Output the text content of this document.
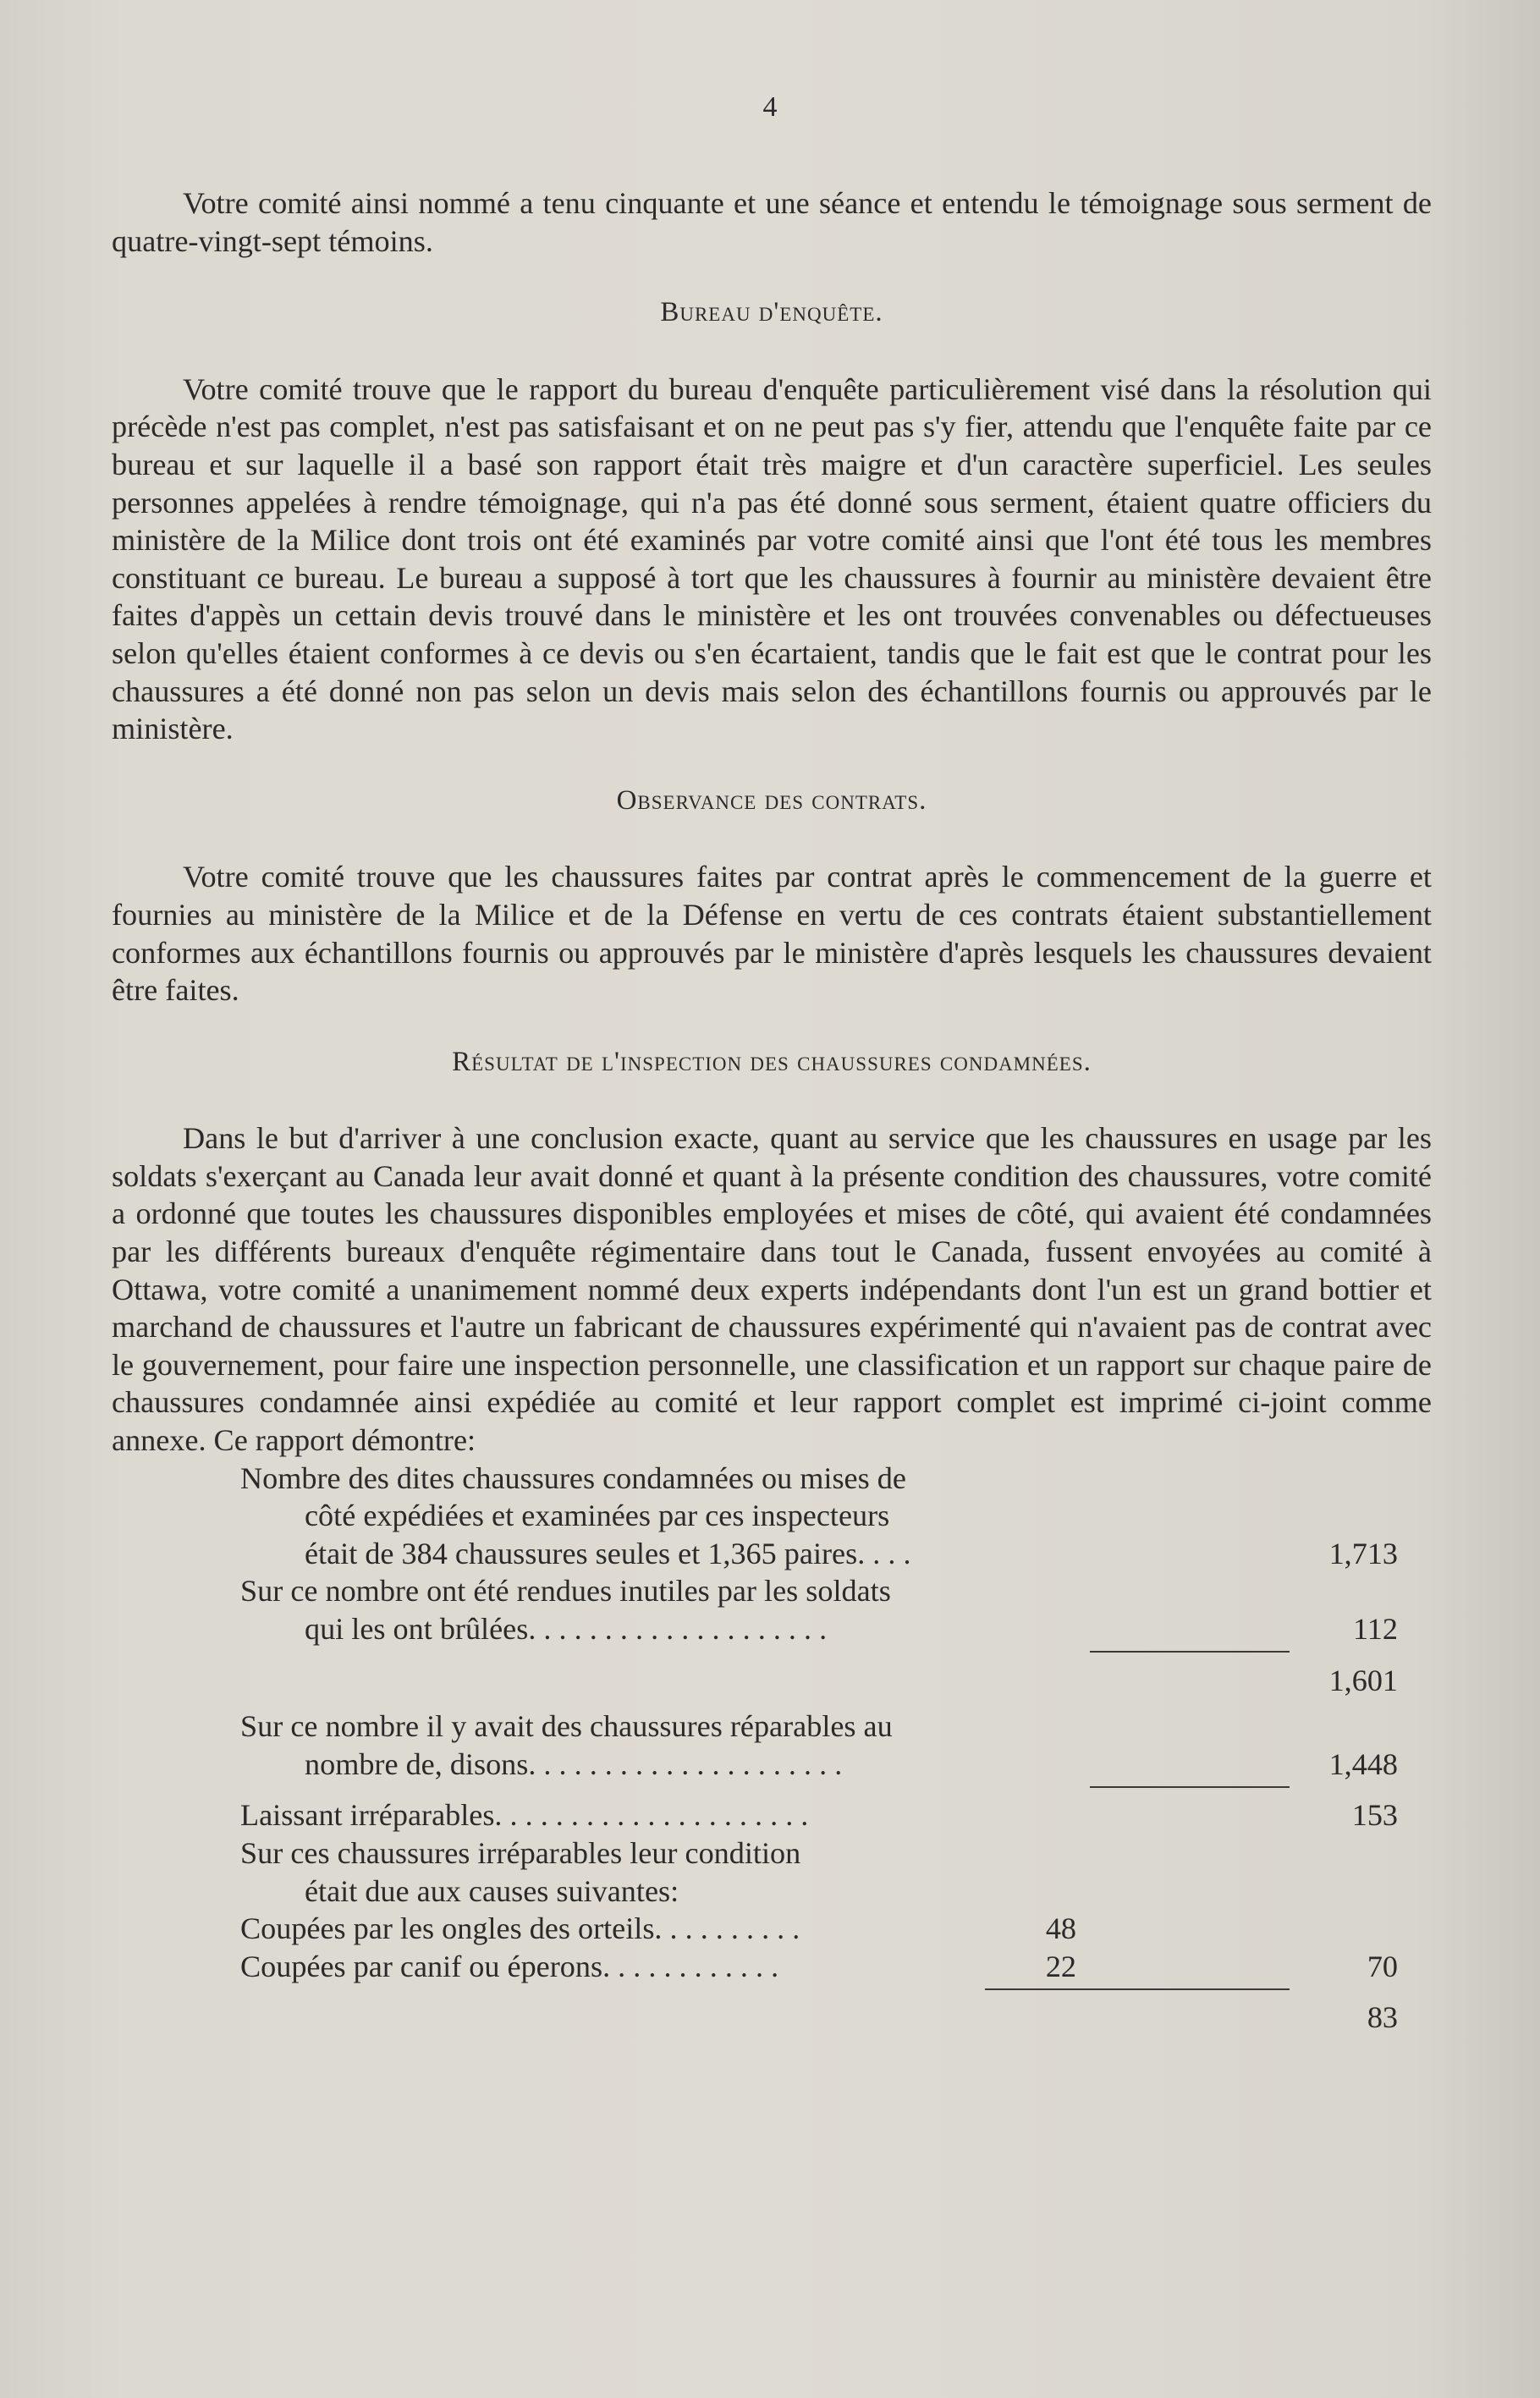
4

Votre comité ainsi nommé a tenu cinquante et une séance et entendu le témoignage sous serment de quatre-vingt-sept témoins.

Bureau d'enquête.

Votre comité trouve que le rapport du bureau d'enquête particulièrement visé dans la résolution qui précède n'est pas complet, n'est pas satisfaisant et on ne peut pas s'y fier, attendu que l'enquête faite par ce bureau et sur laquelle il a basé son rapport était très maigre et d'un caractère superficiel. Les seules personnes appelées à rendre témoignage, qui n'a pas été donné sous serment, étaient quatre officiers du ministère de la Milice dont trois ont été examinés par votre comité ainsi que l'ont été tous les membres constituant ce bureau. Le bureau a supposé à tort que les chaussures à fournir au ministère devaient être faites d'appès un cettain devis trouvé dans le ministère et les ont trouvées convenables ou défectueuses selon qu'elles étaient conformes à ce devis ou s'en écartaient, tandis que le fait est que le contrat pour les chaussures a été donné non pas selon un devis mais selon des échantillons fournis ou approuvés par le ministère.

Observance des contrats.

Votre comité trouve que les chaussures faites par contrat après le commencement de la guerre et fournies au ministère de la Milice et de la Défense en vertu de ces contrats étaient substantiellement conformes aux échantillons fournis ou approuvés par le ministère d'après lesquels les chaussures devaient être faites.

Résultat de l'inspection des chaussures condamnées.

Dans le but d'arriver à une conclusion exacte, quant au service que les chaussures en usage par les soldats s'exerçant au Canada leur avait donné et quant à la présente condition des chaussures, votre comité a ordonné que toutes les chaussures disponibles employées et mises de côté, qui avaient été condamnées par les différents bureaux d'enquête régimentaire dans tout le Canada, fussent envoyées au comité à Ottawa, votre comité a unanimement nommé deux experts indépendants dont l'un est un grand bottier et marchand de chaussures et l'autre un fabricant de chaussures expérimenté qui n'avaient pas de contrat avec le gouvernement, pour faire une inspection personnelle, une classification et un rapport sur chaque paire de chaussures condamnée ainsi expédiée au comité et leur rapport complet est imprimé ci-joint comme annexe. Ce rapport démontre:

Nombre des dites chaussures condamnées ou mises de
côté expédiées et examinées par ces inspecteurs
était de 384 chaussures seules et 1,365 paires. . . .	1,713
Sur ce nombre ont été rendues inutiles par les soldats
qui les ont brûlées. . . . . . . . . . . . . . . . . . . .	112
1,601
Sur ce nombre il y avait des chaussures réparables au
nombre de, disons. . . . . . . . . . . . . . . . . . . . .	1,448
Laissant irréparables. . . . . . . . . . . . . . . . . . . . .	153
Sur ces chaussures irréparables leur condition
était due aux causes suivantes:
Coupées par les ongles des orteils. . . . . . . . . .	48
Coupées par canif ou éperons. . . . . . . . . . . .	22	70
83
